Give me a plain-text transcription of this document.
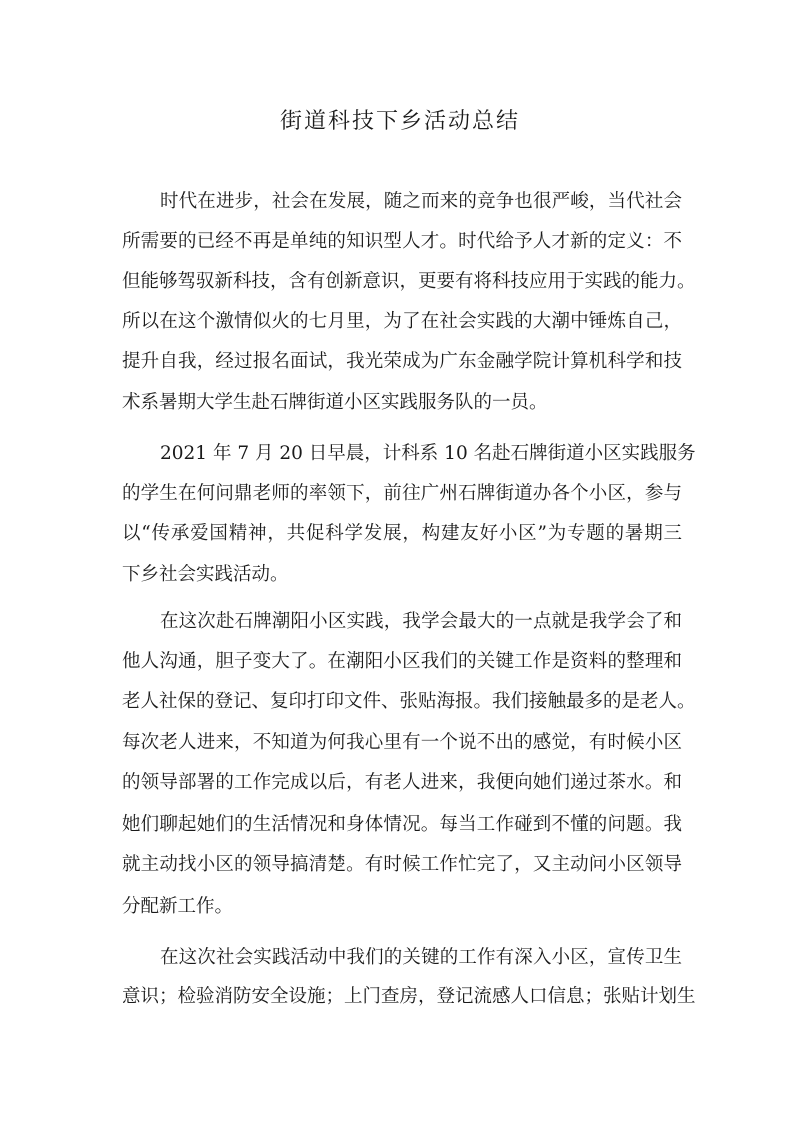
街道科技下乡活动总结
时代在进步，社会在发展，随之而来的竞争也很严峻，当代社会
所需要的已经不再是单纯的知识型人才。时代给予人才新的定义：不
但能够驾驭新科技，含有创新意识，更要有将科技应用于实践的能力。
所以在这个激情似火的七月里，为了在社会实践的大潮中锤炼自己，
提升自我，经过报名面试，我光荣成为广东金融学院计算机科学和技
术系暑期大学生赴石牌街道小区实践服务队的一员。
2021 年 7 月 20 日早晨，计科系 10 名赴石牌街道小区实践服务
的学生在何问鼎老师的率领下，前往广州石牌街道办各个小区，参与
以“传承爱国精神，共促科学发展，构建友好小区”为专题的暑期三
下乡社会实践活动。
在这次赴石牌潮阳小区实践，我学会最大的一点就是我学会了和
他人沟通，胆子变大了。在潮阳小区我们的关键工作是资料的整理和
老人社保的登记、复印打印文件、张贴海报。我们接触最多的是老人。
每次老人进来，不知道为何我心里有一个说不出的感觉，有时候小区
的领导部署的工作完成以后，有老人进来，我便向她们递过茶水。和
她们聊起她们的生活情况和身体情况。每当工作碰到不懂的问题。我
就主动找小区的领导搞清楚。有时候工作忙完了，又主动问小区领导
分配新工作。
在这次社会实践活动中我们的关键的工作有深入小区，宣传卫生
意识；检验消防安全设施；上门查房，登记流感人口信息；张贴计划生
